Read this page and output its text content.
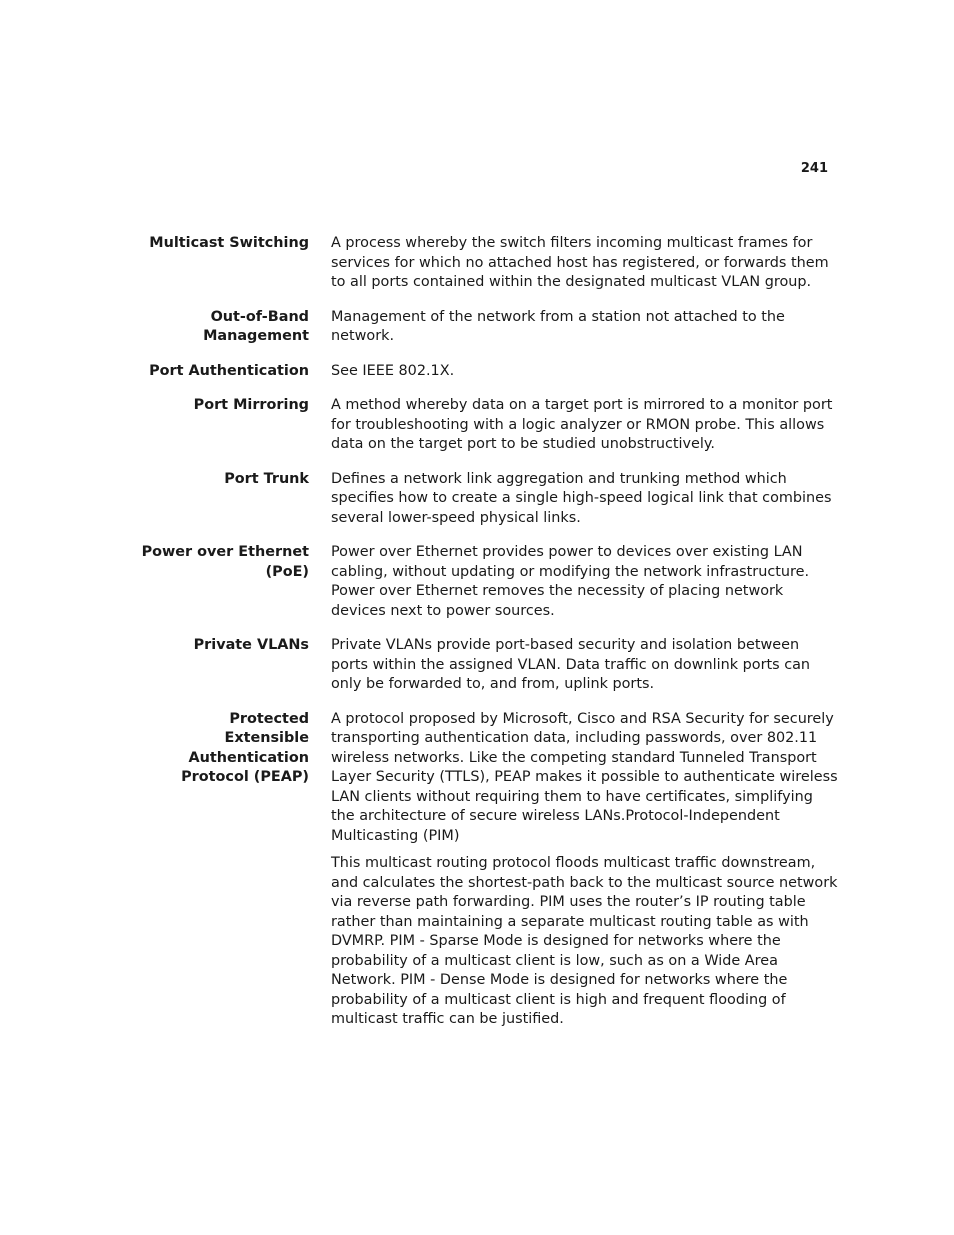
241
Multicast Switching A process whereby the switch filters incoming multicast frames for services for which no attached host has registered, or forwards them to all ports contained within the designated multicast VLAN group.

Out-of-Band
Management

Management of the network from a station not attached to the network.

Port Authentication See IEEE 802.1X.

Port Mirroring A method whereby data on a target port is mirrored to a monitor port for troubleshooting with a logic analyzer or RMON probe. This allows data on the target port to be studied unobstructively.

Port Trunk Defines a network link aggregation and trunking method which specifies how to create a single high-speed logical link that combines several lower-speed physical links.

Power over Ethernet
(PoE)

Power over Ethernet provides power to devices over existing LAN cabling, without updating or modifying the network infrastructure. Power over Ethernet removes the necessity of placing network devices next to power sources.

Private VLANs Private VLANs provide port-based security and isolation between ports within the assigned VLAN. Data traffic on downlink ports can only be forwarded to, and from, uplink ports.

Protected Extensible
Authentication
Protocol (PEAP)

A protocol proposed by Microsoft, Cisco and RSA Security for securely transporting authentication data, including passwords, over 802.11 wireless networks. Like the competing standard Tunneled Transport Layer Security (TTLS), PEAP makes it possible to authenticate wireless LAN clients without requiring them to have certificates, simplifying the architecture of secure wireless LANs.Protocol-Independent Multicasting (PIM)

This multicast routing protocol floods multicast traffic downstream, and calculates the shortest-path back to the multicast source network via reverse path forwarding. PIM uses the router’s IP routing table rather than maintaining a separate multicast routing table as with DVMRP. PIM - Sparse Mode is designed for networks where the probability of a multicast client is low, such as on a Wide Area Network. PIM - Dense Mode is designed for networks where the probability of a multicast client is high and frequent flooding of multicast traffic can be justified.
